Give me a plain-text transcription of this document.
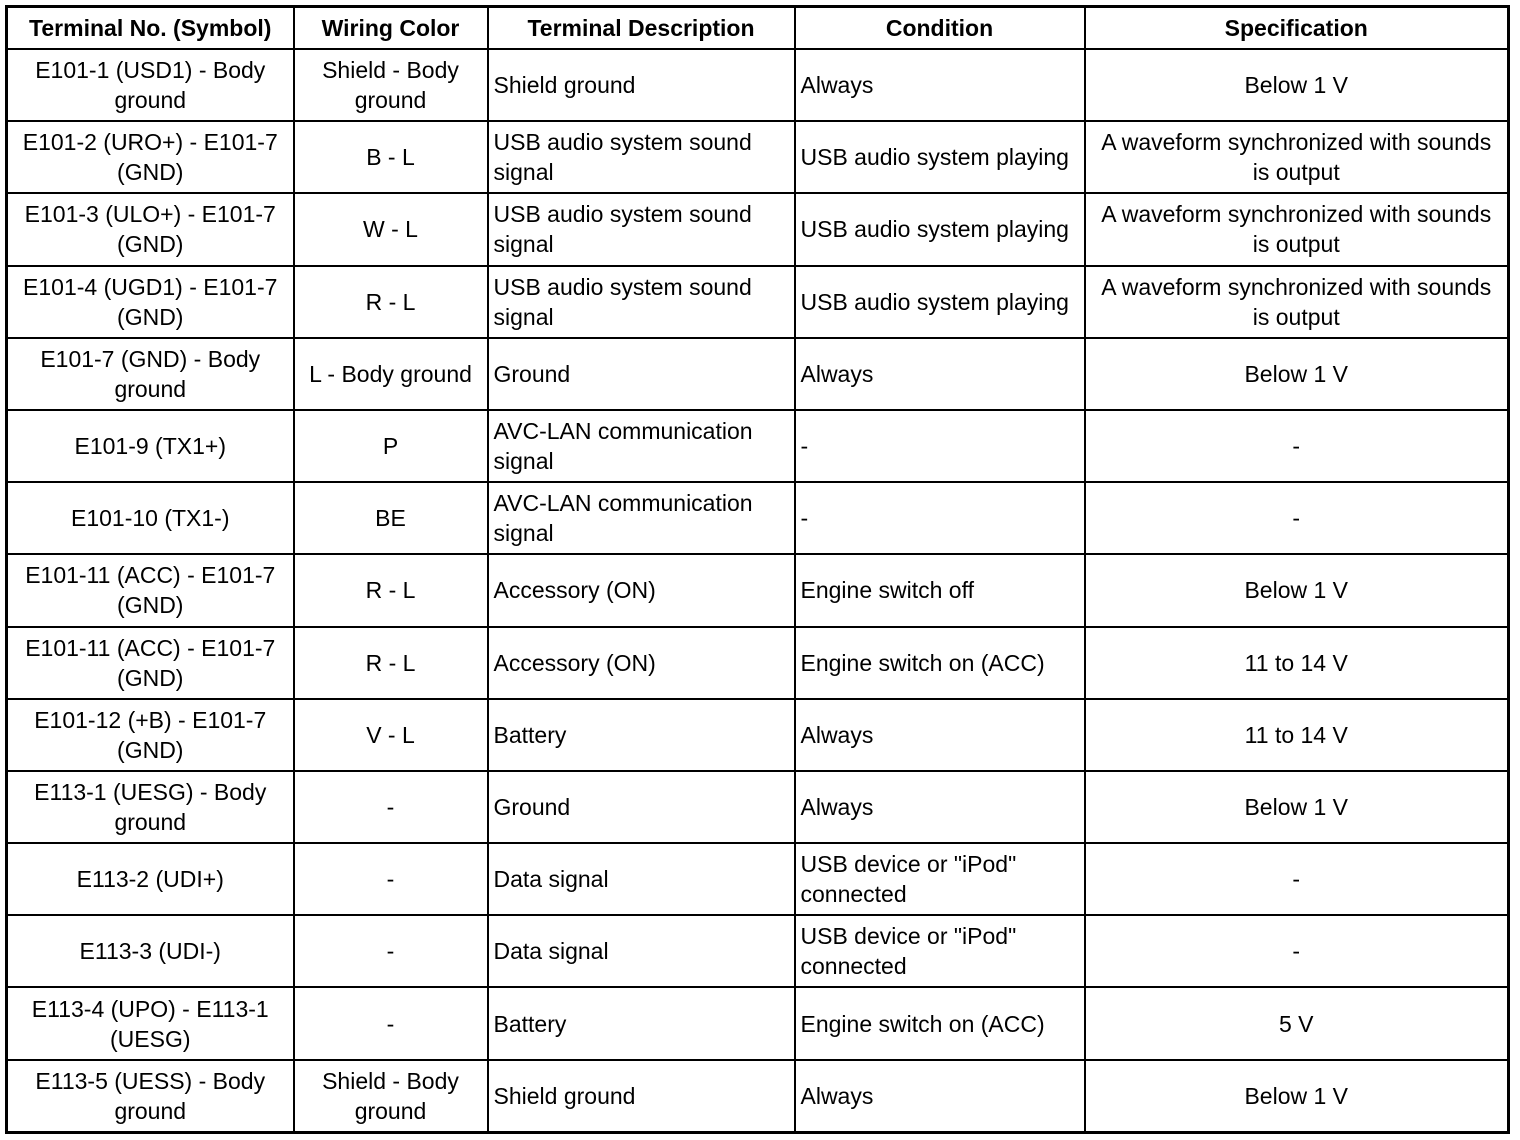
Terminal No. (Symbol)	Wiring Color	Terminal Description	Condition	Specification
E101-1 (USD1) - Body ground	Shield - Body ground	Shield ground	Always	Below 1 V
E101-2 (URO+) - E101-7 (GND)	B - L	USB audio system sound signal	USB audio system playing	A waveform synchronized with sounds is output
E101-3 (ULO+) - E101-7 (GND)	W - L	USB audio system sound signal	USB audio system playing	A waveform synchronized with sounds is output
E101-4 (UGD1) - E101-7 (GND)	R - L	USB audio system sound signal	USB audio system playing	A waveform synchronized with sounds is output
E101-7 (GND) - Body ground	L - Body ground	Ground	Always	Below 1 V
E101-9 (TX1+)	P	AVC-LAN communication signal	-	-
E101-10 (TX1-)	BE	AVC-LAN communication signal	-	-
E101-11 (ACC) - E101-7 (GND)	R - L	Accessory (ON)	Engine switch off	Below 1 V
E101-11 (ACC) - E101-7 (GND)	R - L	Accessory (ON)	Engine switch on (ACC)	11 to 14 V
E101-12 (+B) - E101-7 (GND)	V - L	Battery	Always	11 to 14 V
E113-1 (UESG) - Body ground	-	Ground	Always	Below 1 V
E113-2 (UDI+)	-	Data signal	USB device or "iPod" connected	-
E113-3 (UDI-)	-	Data signal	USB device or "iPod" connected	-
E113-4 (UPO) - E113-1 (UESG)	-	Battery	Engine switch on (ACC)	5 V
E113-5 (UESS) - Body ground	Shield - Body ground	Shield ground	Always	Below 1 V
